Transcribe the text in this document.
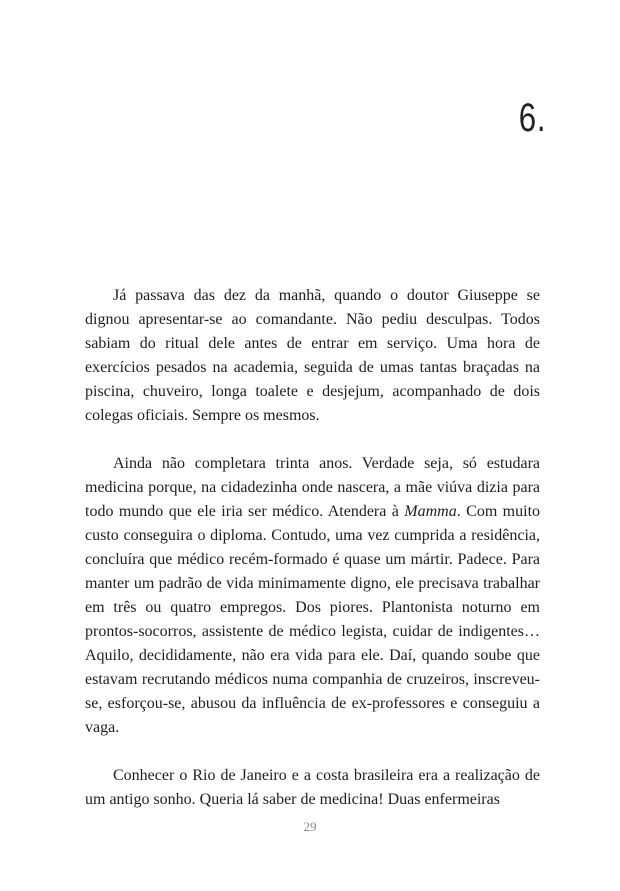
6.

Já passava das dez da manhã, quando o doutor Giuseppe se dignou apresentar-se ao comandante. Não pediu desculpas. Todos sabiam do ritual dele antes de entrar em serviço. Uma hora de exercícios pesados na academia, seguida de umas tantas braçadas na piscina, chuveiro, longa toalete e desjejum, acompanhado de dois colegas oficiais. Sempre os mesmos.

Ainda não completara trinta anos. Verdade seja, só estudara medicina porque, na cidadezinha onde nascera, a mãe viúva dizia para todo mundo que ele iria ser médico. Atendera à Mamma. Com muito custo conseguira o diploma. Contudo, uma vez cumprida a residência, concluíra que médico recém-formado é quase um mártir. Padece. Para manter um padrão de vida minimamente digno, ele precisava trabalhar em três ou quatro empregos. Dos piores. Plantonista noturno em prontos-socorros, assistente de médico legista, cuidar de indigentes… Aquilo, decididamente, não era vida para ele. Daí, quando soube que estavam recrutando médicos numa companhia de cruzeiros, inscreveu-se, esforçou-se, abusou da influência de ex-professores e conseguiu a vaga.

Conhecer o Rio de Janeiro e a costa brasileira era a realização de um antigo sonho. Queria lá saber de medicina! Duas enfermeiras

29
